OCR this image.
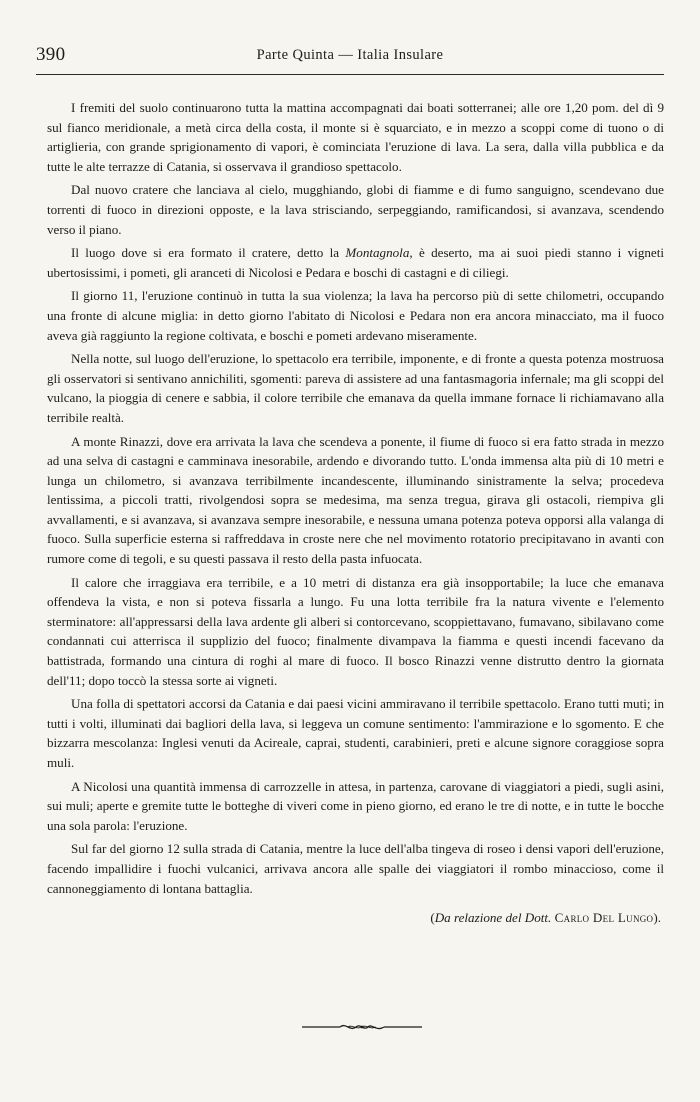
390	Parte Quinta — Italia Insulare

I fremiti del suolo continuarono tutta la mattina accompagnati dai boati sotterranei; alle ore 1,20 pom. del dì 9 sul fianco meridionale, a metà circa della costa, il monte si è squarciato, e in mezzo a scoppi come di tuono o di artiglieria, con grande sprigionamento di vapori, è cominciata l'eruzione di lava. La sera, dalla villa pubblica e da tutte le alte terrazze di Catania, si osservava il grandioso spettacolo.

Dal nuovo cratere che lanciava al cielo, mugghiando, globi di fiamme e di fumo sanguigno, scendevano due torrenti di fuoco in direzioni opposte, e la lava strisciando, serpeggiando, ramificandosi, si avanzava, scendendo verso il piano.

Il luogo dove si era formato il cratere, detto la Montagnola, è deserto, ma ai suoi piedi stanno i vigneti ubertosissimi, i pometi, gli aranceti di Nicolosi e Pedara e boschi di castagni e di ciliegi.

Il giorno 11, l'eruzione continuò in tutta la sua violenza; la lava ha percorso più di sette chilometri, occupando una fronte di alcune miglia: in detto giorno l'abitato di Nicolosi e Pedara non era ancora minacciato, ma il fuoco aveva già raggiunto la regione coltivata, e boschi e pometi ardevano miseramente.

Nella notte, sul luogo dell'eruzione, lo spettacolo era terribile, imponente, e di fronte a questa potenza mostruosa gli osservatori si sentivano annichiliti, sgomenti: pareva di assistere ad una fantasmagoria infernale; ma gli scoppi del vulcano, la pioggia di cenere e sabbia, il colore terribile che emanava da quella immane fornace li richiamavano alla terribile realtà.

A monte Rinazzi, dove era arrivata la lava che scendeva a ponente, il fiume di fuoco si era fatto strada in mezzo ad una selva di castagni e camminava inesorabile, ardendo e divorando tutto. L'onda immensa alta più di 10 metri e lunga un chilometro, si avanzava terribilmente incandescente, illuminando sinistramente la selva; procedeva lentissima, a piccoli tratti, rivolgendosi sopra se medesima, ma senza tregua, girava gli ostacoli, riempiva gli avvallamenti, e si avanzava, si avanzava sempre inesorabile, e nessuna umana potenza poteva opporsi alla valanga di fuoco. Sulla superficie esterna si raffreddava in croste nere che nel movimento rotatorio precipitavano in avanti con rumore come di tegoli, e su questi passava il resto della pasta infuocata.

Il calore che irraggiava era terribile, e a 10 metri di distanza era già insopportabile; la luce che emanava offendeva la vista, e non si poteva fissarla a lungo. Fu una lotta terribile fra la natura vivente e l'elemento sterminatore: all'appressarsi della lava ardente gli alberi si contorcevano, scoppiettavano, fumavano, sibilavano come condannati cui atterrisca il supplizio del fuoco; finalmente divampava la fiamma e questi incendi facevano da battistrada, formando una cintura di roghi al mare di fuoco. Il bosco Rinazzi venne distrutto dentro la giornata dell'11; dopo toccò la stessa sorte ai vigneti.

Una folla di spettatori accorsi da Catania e dai paesi vicini ammiravano il terribile spettacolo. Erano tutti muti; in tutti i volti, illuminati dai bagliori della lava, si leggeva un comune sentimento: l'ammirazione e lo sgomento. E che bizzarra mescolanza: Inglesi venuti da Acireale, caprai, studenti, carabinieri, preti e alcune signore coraggiose sopra muli.

A Nicolosi una quantità immensa di carrozzelle in attesa, in partenza, carovane di viaggiatori a piedi, sugli asini, sui muli; aperte e gremite tutte le botteghe di viveri come in pieno giorno, ed erano le tre di notte, e in tutte le bocche una sola parola: l'eruzione.

Sul far del giorno 12 sulla strada di Catania, mentre la luce dell'alba tingeva di roseo i densi vapori dell'eruzione, facendo impallidire i fuochi vulcanici, arrivava ancora alle spalle dei viaggiatori il rombo minaccioso, come il cannoneggiamento di lontana battaglia.

(Da relazione del Dott. Carlo Del Lungo).
